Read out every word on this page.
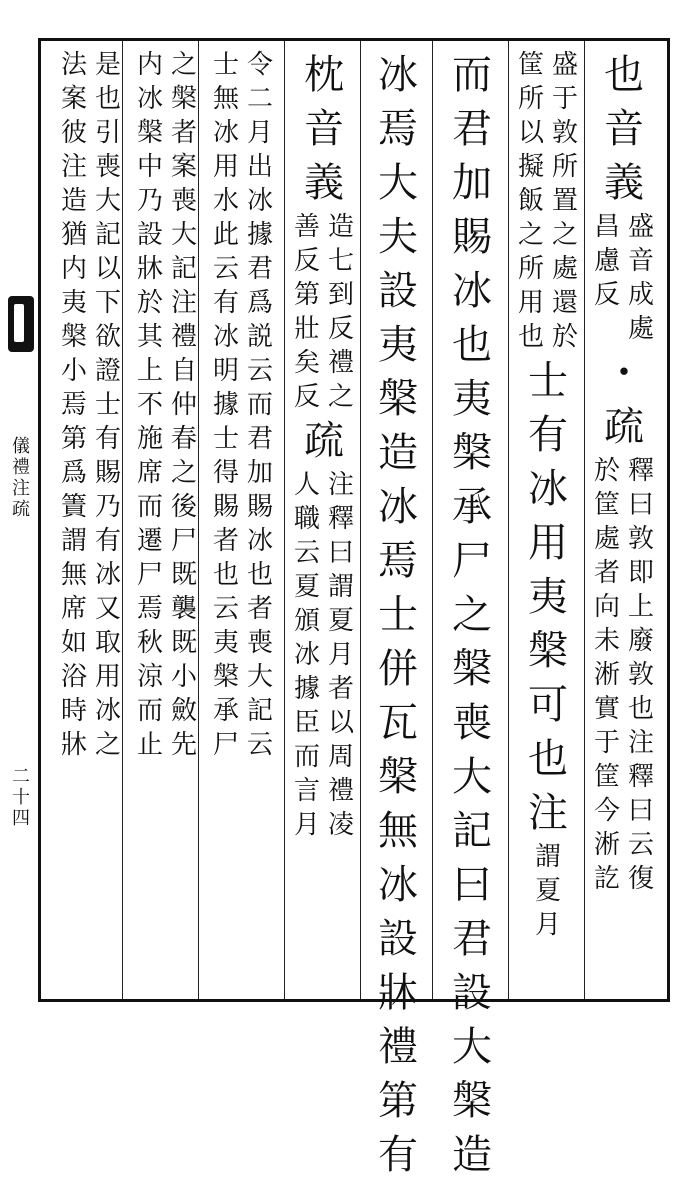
儀
禮
注
疏
二
十
四
也
音
義
盛
音
成
處
昌
慮
反
・
疏
釋
曰
敦
即
上
廢
敦
也
注
釋
曰
云
復
於
筐
處
者
向
未
淅
實
于
筐
今
淅
訖
盛
于
敦
所
置
之
處
還
於
筐
所
以
擬
飯
之
所
用
也
士
有
冰
用
夷
槃
可
也
注
謂
夏
月
而
君
加
賜
冰
也
夷
槃
承
尸
之
槃
喪
大
記
曰
君
設
大
槃
造
冰
焉
大
夫
設
夷
槃
造
冰
焉
士
併
瓦
槃
無
冰
設
牀
禮
第
有
枕
音
義
造
七
到
反
禮
之
善
反
第
壯
矣
反
疏
注
釋
曰
謂
夏
月
者
以
周
禮
凌
人
職
云
夏
頒
冰
據
臣
而
言
月
令
二
月
出
冰
據
君
爲
説
云
而
君
加
賜
冰
也
者
喪
大
記
云
士
無
冰
用
水
此
云
有
冰
明
據
士
得
賜
者
也
云
夷
槃
承
尸
之
槃
者
案
喪
大
記
注
禮
自
仲
春
之
後
尸
既
襲
既
小
斂
先
内
冰
槃
中
乃
設
牀
於
其
上
不
施
席
而
遷
尸
焉
秋
涼
而
止
是
也
引
喪
大
記
以
下
欲
證
士
有
賜
乃
有
冰
又
取
用
冰
之
法
案
彼
注
造
猶
内
夷
槃
小
焉
第
爲
簀
謂
無
席
如
浴
時
牀
